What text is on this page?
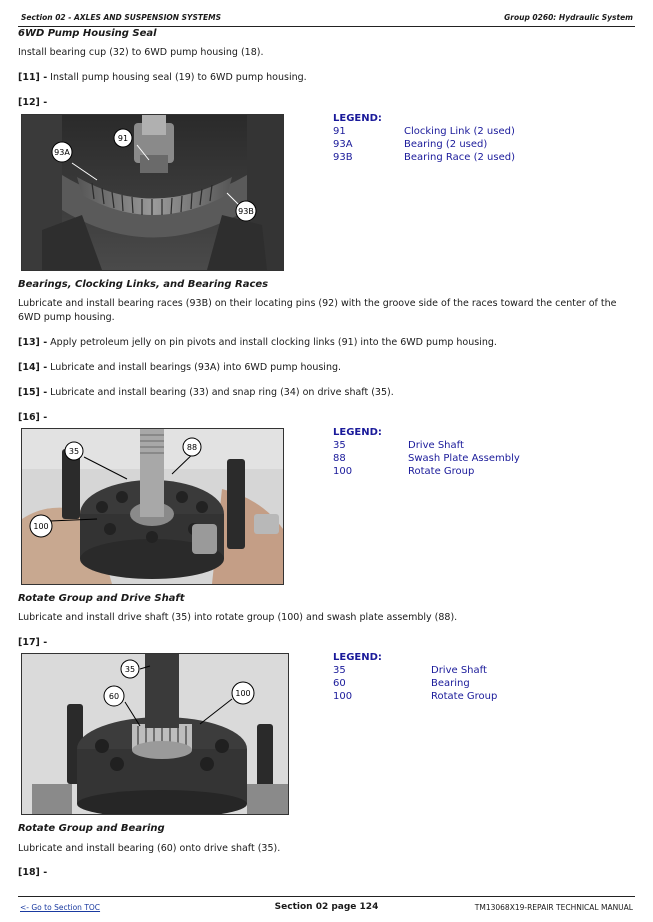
Section 02 - AXLES AND SUSPENSION SYSTEMS	Group 0260: Hydraulic System
6WD Pump Housing Seal
Install bearing cup (32) to 6WD pump housing (18).
[11] - Install pump housing seal (19) to 6WD pump housing.
[12] -
91
93A
93B
LEGEND:
91	Clocking Link (2 used)
93A	Bearing (2 used)
93B	Bearing Race (2 used)
Bearings, Clocking Links, and Bearing Races
Lubricate and install bearing races (93B) on their locating pins (92) with the groove side of the races toward the center of the 6WD pump housing.
[13] - Apply petroleum jelly on pin pivots and install clocking links (91) into the 6WD pump housing.
[14] - Lubricate and install bearings (93A) into 6WD pump housing.
[15] - Lubricate and install bearing (33) and snap ring (34) on drive shaft (35).
[16] -
35	88
100
LEGEND:
35	Drive Shaft
88	Swash Plate Assembly
100	Rotate Group
Rotate Group and Drive Shaft
Lubricate and install drive shaft (35) into rotate group (100) and swash plate assembly (88).
[17] -
35
60	100
LEGEND:
35	Drive Shaft
60	Bearing
100	Rotate Group
Rotate Group and Bearing
Lubricate and install bearing (60) onto drive shaft (35).
[18] -
<- Go to Section TOC	Section 02 page 124	TM13068X19-REPAIR TECHNICAL MANUAL
